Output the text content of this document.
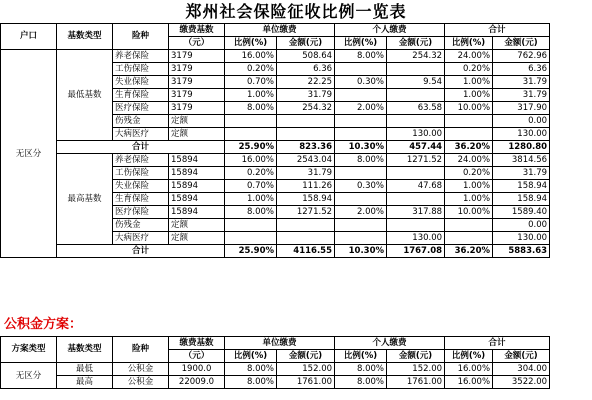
郑州社会保险征收比例一览表
户口	基数类型	险种	缴费基数	单位缴费		个人缴费		合计	
			（元）	比例(%)	金额(元)	比例(%)	金额(元)	比例(%)	金额(元)
无区分	最低基数	养老保险	3179	16.00%	508.64	8.00%	254.32	24.00%	762.96
		工伤保险	3179	0.20%	6.36			0.20%	6.36
		失业保险	3179	0.70%	22.25	0.30%	9.54	1.00%	31.79
		生育保险	3179	1.00%	31.79			1.00%	31.79
		医疗保险	3179	8.00%	254.32	2.00%	63.58	10.00%	317.90
		伤残金	定额						0.00
		大病医疗	定额				130.00		130.00
	合计			25.90%	823.36	10.30%	457.44	36.20%	1280.80
	最高基数	养老保险	15894	16.00%	2543.04	8.00%	1271.52	24.00%	3814.56
		工伤保险	15894	0.20%	31.79			0.20%	31.79
		失业保险	15894	0.70%	111.26	0.30%	47.68	1.00%	158.94
		生育保险	15894	1.00%	158.94			1.00%	158.94
		医疗保险	15894	8.00%	1271.52	2.00%	317.88	10.00%	1589.40
		伤残金	定额						0.00
		大病医疗	定额				130.00		130.00
	合计			25.90%	4116.55	10.30%	1767.08	36.20%	5883.63
公积金方案：
方案类型	基数类型	险种	缴费基数	单位缴费		个人缴费		合计	
			（元）	比例(%)	金额(元)	比例(%)	金额(元)	比例(%)	金额(元)
无区分	最低	公积金	1900.0	8.00%	152.00	8.00%	152.00	16.00%	304.00
	最高	公积金	22009.0	8.00%	1761.00	8.00%	1761.00	16.00%	3522.00
